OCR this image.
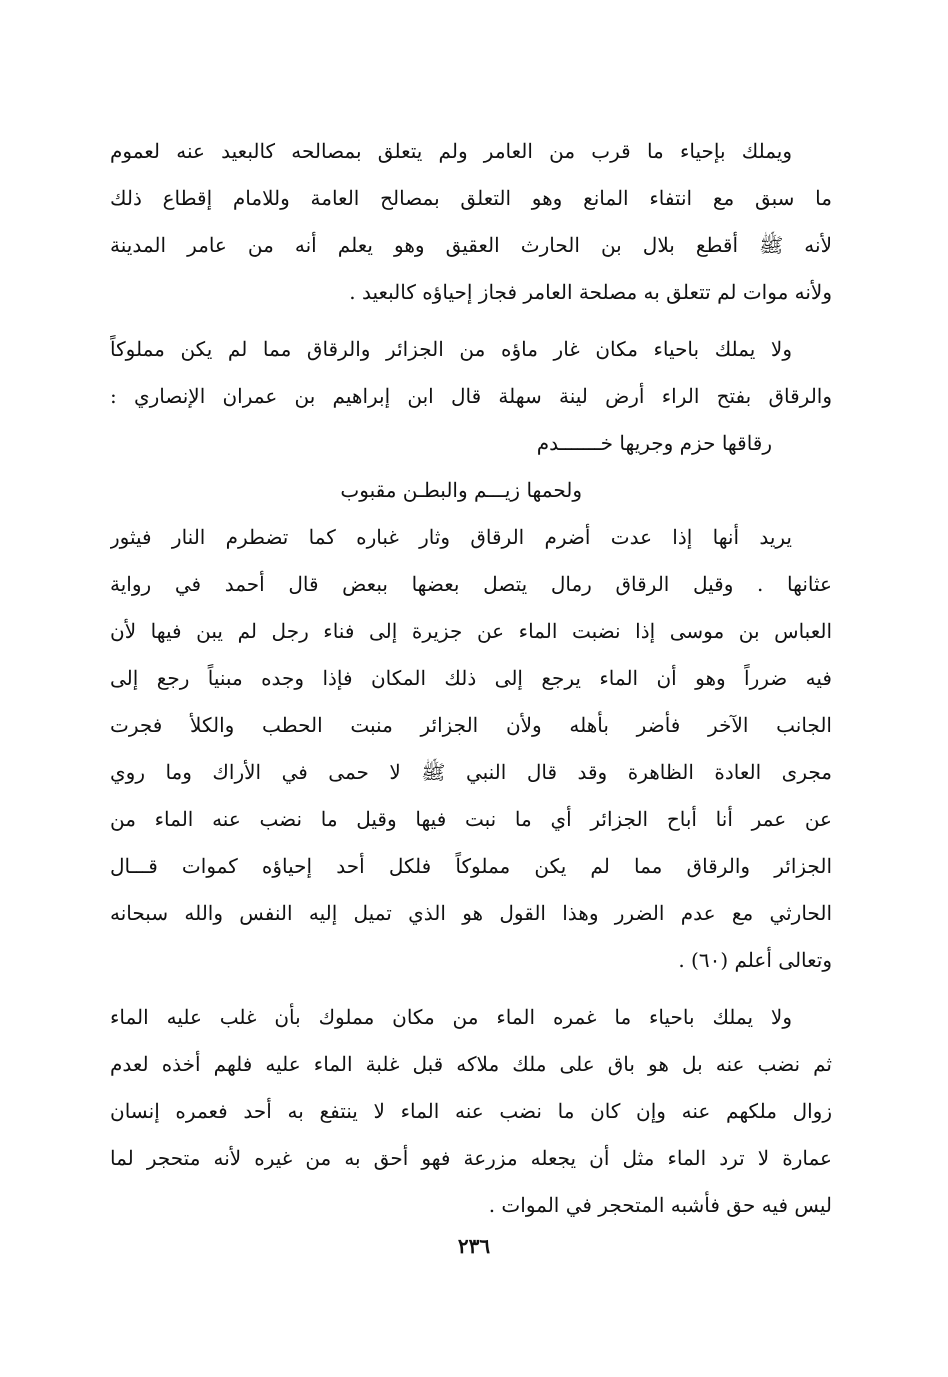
ويملك بإحياء ما قرب من العامر ولم يتعلق بمصالحه كالبعيد عنه لعموم
ما سبق مع انتفاء المانع وهو التعلق بمصالح العامة وللامام إقطاع ذلك
لأنه ﷺ أقطع بلال بن الحارث العقيق وهو يعلم أنه من عامر المدينة
ولأنه موات لم تتعلق به مصلحة العامر فجاز إحياؤه كالبعيد .
ولا يملك باحياء مكان غار ماؤه من الجزائر والرقاق مما لم يكن مملوكاً
والرقاق بفتح الراء أرض لينة سهلة قال ابن إبراهيم بن عمران الإنصاري :
رقاقها حزم وجريها خـــــــدم
ولحمها زيـــم والبطـن مقبوب
يريد أنها إذا عدت أضرم الرقاق وثار غباره كما تضطرم النار فيثور
عثانها . وقيل الرقاق رمال يتصل بعضها ببعض قال أحمد في رواية
العباس بن موسى إذا نضبت الماء عن جزيرة إلى فناء رجل لم يبن فيها لأن
فيه ضرراً وهو أن الماء يرجع إلى ذلك المكان فإذا وجده مبنياً رجع إلى
الجانب الآخر فأضر بأهله ولأن الجزائر منبت الحطب والكلأ فجرت
مجرى العادة الظاهرة وقد قال النبي ﷺ لا حمى في الأراك وما روي
عن عمر أنا أباح الجزائر أي ما نبت فيها وقيل ما نضب عنه الماء من
الجزائر والرقاق مما لم يكن مملوكاً فلكل أحد إحياؤه كموات قـــال
الحارثي مع عدم الضرر وهذا القول هو الذي تميل إليه النفس والله سبحانه
وتعالى أعلم (٦٠) .
ولا يملك باحياء ما غمره الماء من مكان مملوك بأن غلب عليه الماء
ثم نضب عنه بل هو باق على ملك ملاكه قبل غلبة الماء عليه فلهم أخذه لعدم
زوال ملكهم عنه وإن كان ما نضب عنه الماء لا ينتفع به أحد فعمره إنسان
عمارة لا ترد الماء مثل أن يجعله مزرعة فهو أحق به من غيره لأنه متحجر لما
ليس فيه حق فأشبه المتحجر في الموات .
٢٣٦
